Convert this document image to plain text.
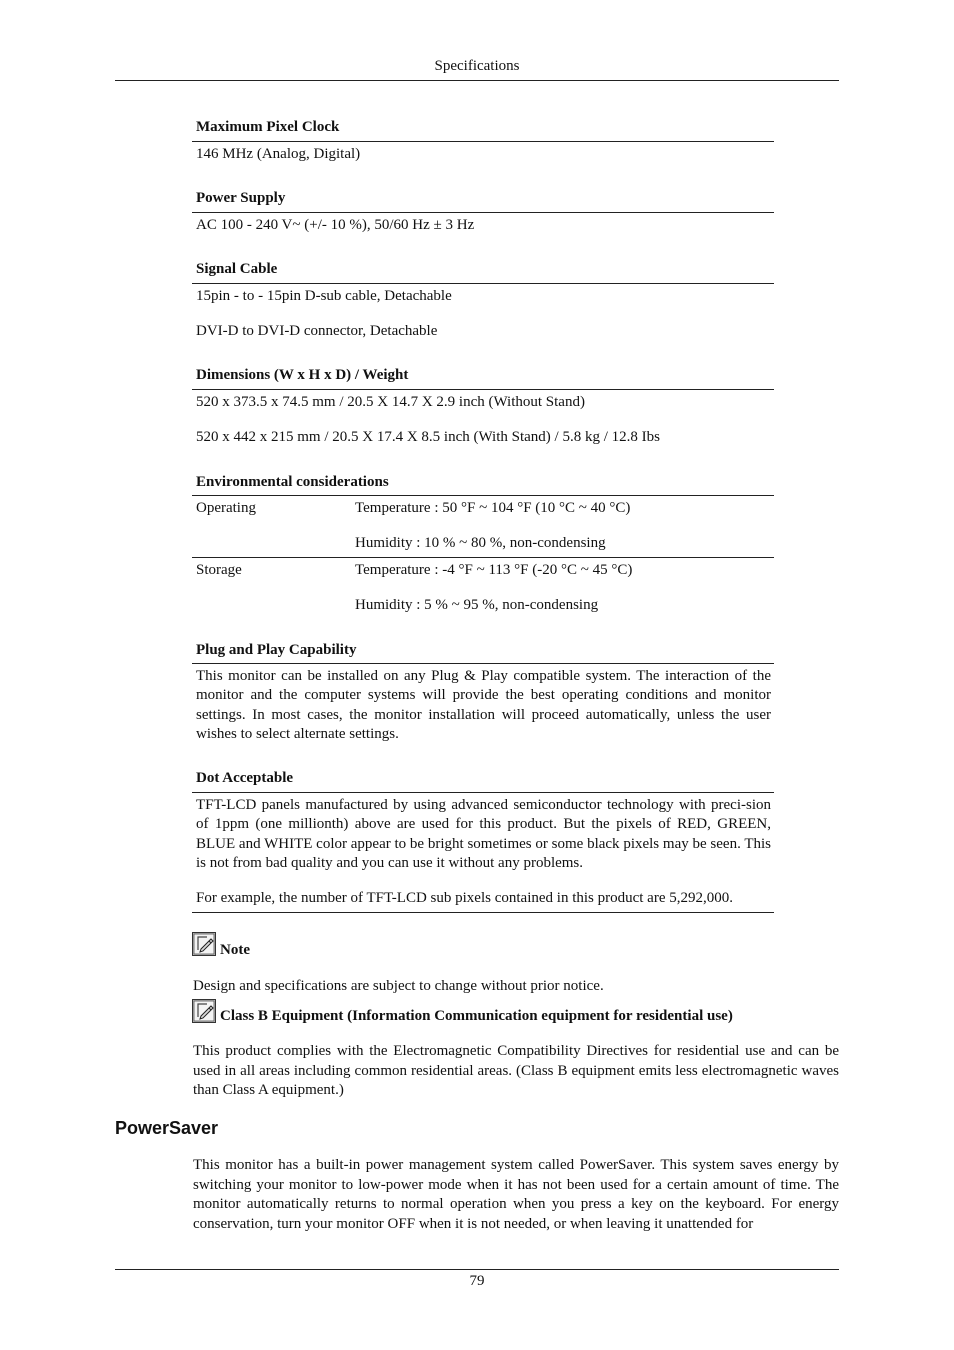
Specifications
Maximum Pixel Clock
146 MHz (Analog, Digital)
Power Supply
AC 100 - 240 V~ (+/- 10 %), 50/60 Hz ± 3 Hz
Signal Cable
15pin - to - 15pin D-sub cable, Detachable
DVI-D to DVI-D connector, Detachable
Dimensions (W x H x D) / Weight
520 x 373.5 x 74.5 mm / 20.5 X 14.7 X 2.9 inch (Without Stand)
520 x 442 x 215 mm / 20.5 X 17.4 X 8.5 inch (With Stand) / 5.8 kg / 12.8 Ibs
Environmental considerations
Operating	Temperature : 50 °F ~ 104 °F (10 °C ~ 40 °C)
Humidity : 10 % ~ 80 %, non-condensing
Storage	Temperature : -4 °F ~ 113 °F (-20 °C ~ 45 °C)
Humidity : 5 % ~ 95 %, non-condensing
Plug and Play Capability
This monitor can be installed on any Plug & Play compatible system. The interaction of the monitor and the computer systems will provide the best operating conditions and monitor settings. In most cases, the monitor installation will proceed automatically, unless the user wishes to select alternate settings.
Dot Acceptable
TFT-LCD panels manufactured by using advanced semiconductor technology with preci-sion of 1ppm (one millionth) above are used for this product. But the pixels of RED, GREEN, BLUE and WHITE color appear to be bright sometimes or some black pixels may be seen. This is not from bad quality and you can use it without any problems.
For example, the number of TFT-LCD sub pixels contained in this product are 5,292,000.
Note
Design and specifications are subject to change without prior notice.
Class B Equipment (Information Communication equipment for residential use)
This product complies with the Electromagnetic Compatibility Directives for residential use and can be used in all areas including common residential areas. (Class B equipment emits less electromagnetic waves than Class A equipment.)
PowerSaver
This monitor has a built-in power management system called PowerSaver. This system saves energy by switching your monitor to low-power mode when it has not been used for a certain amount of time. The monitor automatically returns to normal operation when you press a key on the keyboard. For energy conservation, turn your monitor OFF when it is not needed, or when leaving it unattended for
79
